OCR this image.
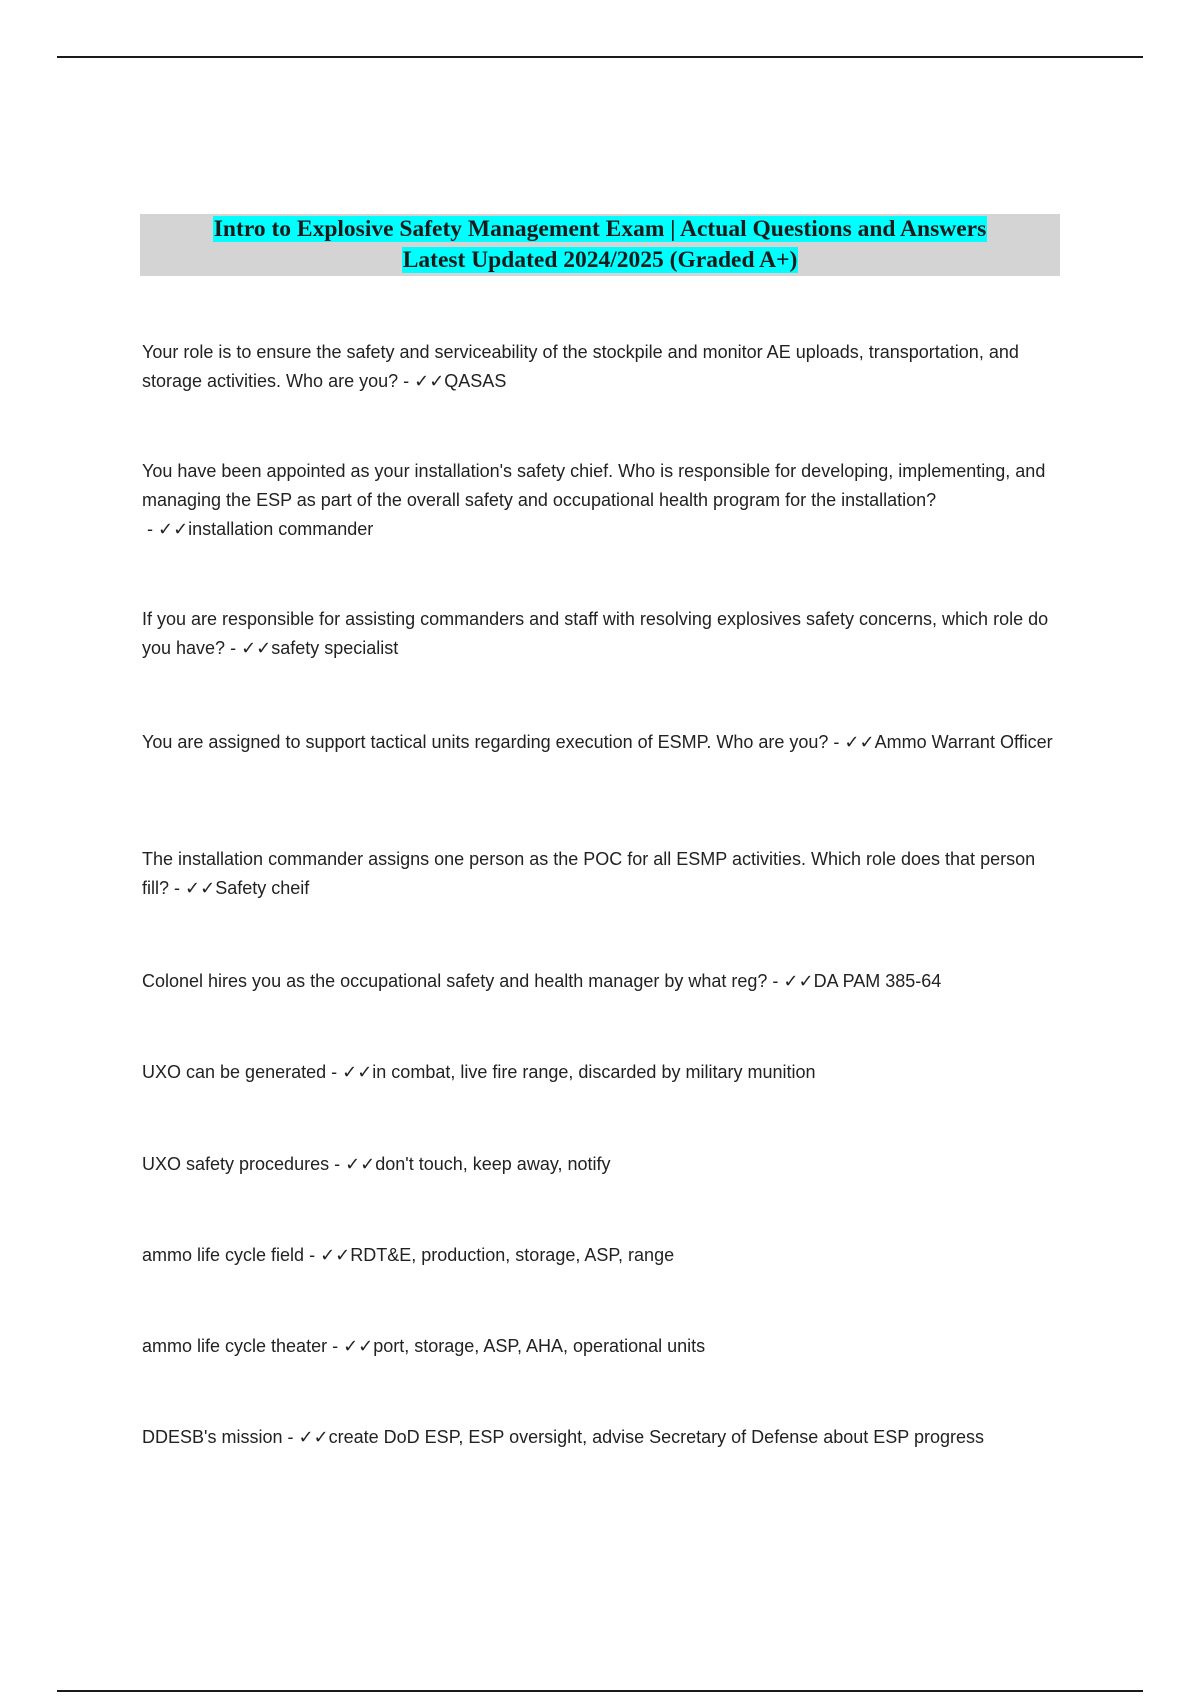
Intro to Explosive Safety Management Exam | Actual Questions and Answers
Latest Updated 2024/2025 (Graded A+)
Your role is to ensure the safety and serviceability of the stockpile and monitor AE uploads, transportation, and storage activities. Who are you? - ✓✓QASAS
You have been appointed as your installation's safety chief. Who is responsible for developing, implementing, and managing the ESP as part of the overall safety and occupational health program for the installation? - ✓✓installation commander
If you are responsible for assisting commanders and staff with resolving explosives safety concerns, which role do you have? - ✓✓safety specialist
You are assigned to support tactical units regarding execution of ESMP. Who are you? - ✓✓Ammo Warrant Officer
The installation commander assigns one person as the POC for all ESMP activities. Which role does that person fill? - ✓✓Safety cheif
Colonel hires you as the occupational safety and health manager by what reg? - ✓✓DA PAM 385-64
UXO can be generated - ✓✓in combat, live fire range, discarded by military munition
UXO safety procedures - ✓✓don't touch, keep away, notify
ammo life cycle field - ✓✓RDT&E, production, storage, ASP, range
ammo life cycle theater - ✓✓port, storage, ASP, AHA, operational units
DDESB's mission - ✓✓create DoD ESP, ESP oversight, advise Secretary of Defense about ESP progress
